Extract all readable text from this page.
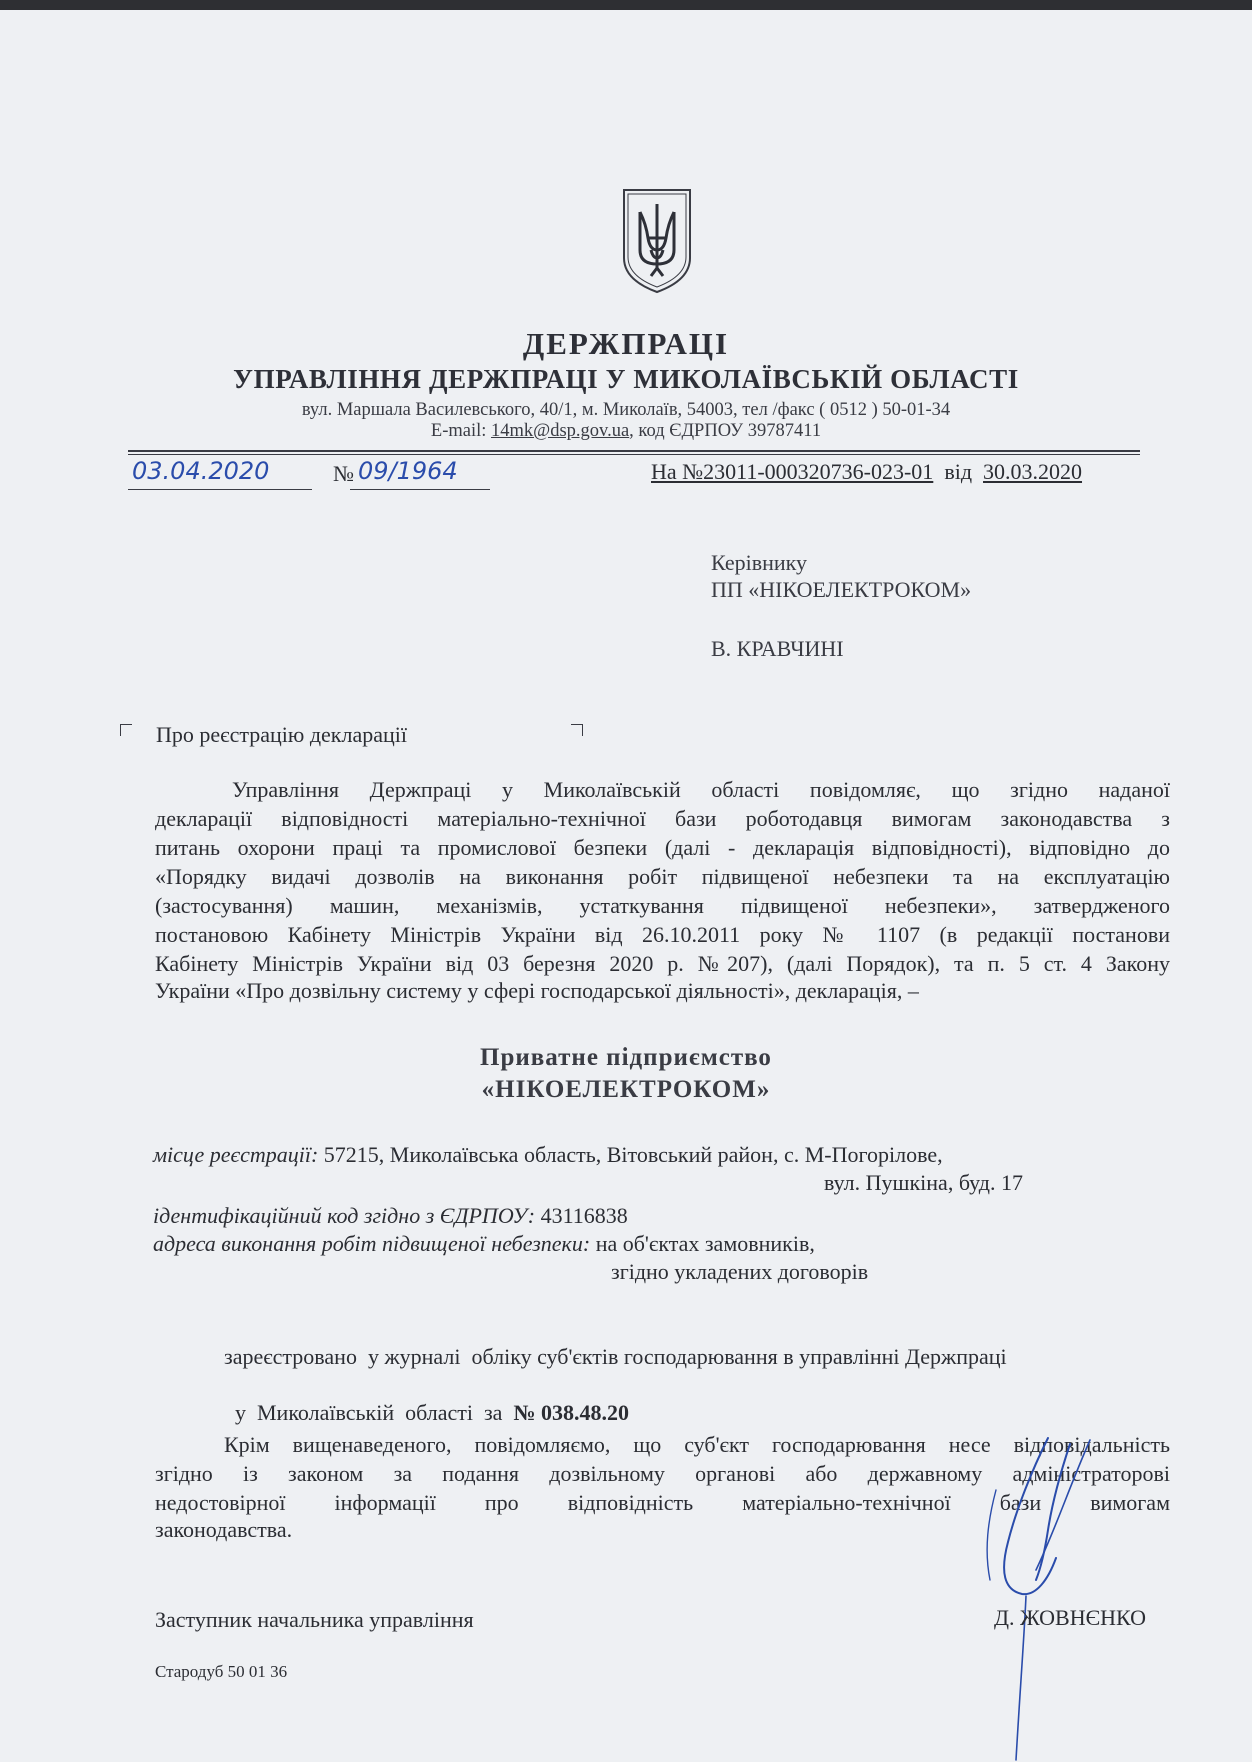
ДЕРЖПРАЦІ
УПРАВЛІННЯ ДЕРЖПРАЦІ У МИКОЛАЇВСЬКІЙ ОБЛАСТІ
вул. Маршала Василевського, 40/1, м. Миколаїв, 54003, тел /факс ( 0512 ) 50-01-34
E-mail: 14mk@dsp.gov.ua, код ЄДРПОУ 39787411
03.04.2020	№ 09/1964	На №23011-000320736-023-01 від 30.03.2020
Керівнику
ПП «НІКОЕЛЕКТРОКОМ»
В. КРАВЧИНІ
Про реєстрацію декларації
Управління Держпраці у Миколаївській області повідомляє, що згідно наданої
декларації відповідності матеріально-технічної бази роботодавця вимогам законодавства з
питань охорони праці та промислової безпеки (далі - декларація відповідності), відповідно до
«Порядку видачі дозволів на виконання робіт підвищеної небезпеки та на експлуатацію
(застосування) машин, механізмів, устаткування підвищеної небезпеки», затвердженого
постановою Кабінету Міністрів України від 26.10.2011 року № 1107 (в редакції постанови
Кабінету Міністрів України від 03 березня 2020 р. №207), (далі Порядок), та п. 5 ст. 4 Закону
України «Про дозвільну систему у сфері господарської діяльності», декларація, –
Приватне підприємство
«НІКОЕЛЕКТРОКОМ»
місце реєстрації: 57215, Миколаївська область, Вітовський район, с. М-Погорілове,
вул. Пушкіна, буд. 17
ідентифікаційний код згідно з ЄДРПОУ: 43116838
адреса виконання робіт підвищеної небезпеки: на об'єктах замовників,
згідно укладених договорів
зареєстровано  у журналі  обліку суб'єктів господарювання в управлінні Держпраці

у  Миколаївській  області  за  № 038.48.20

Крім вищенаведеного, повідомляємо, що суб'єкт господарювання несе відповідальність
згідно із законом за подання дозвільному органові або державному адміністраторові
недостовірної інформації про відповідність матеріально-технічної бази вимогам
законодавства.
Заступник начальника управління	Д. ЖОВНЄНКО
Стародуб 50 01 36
